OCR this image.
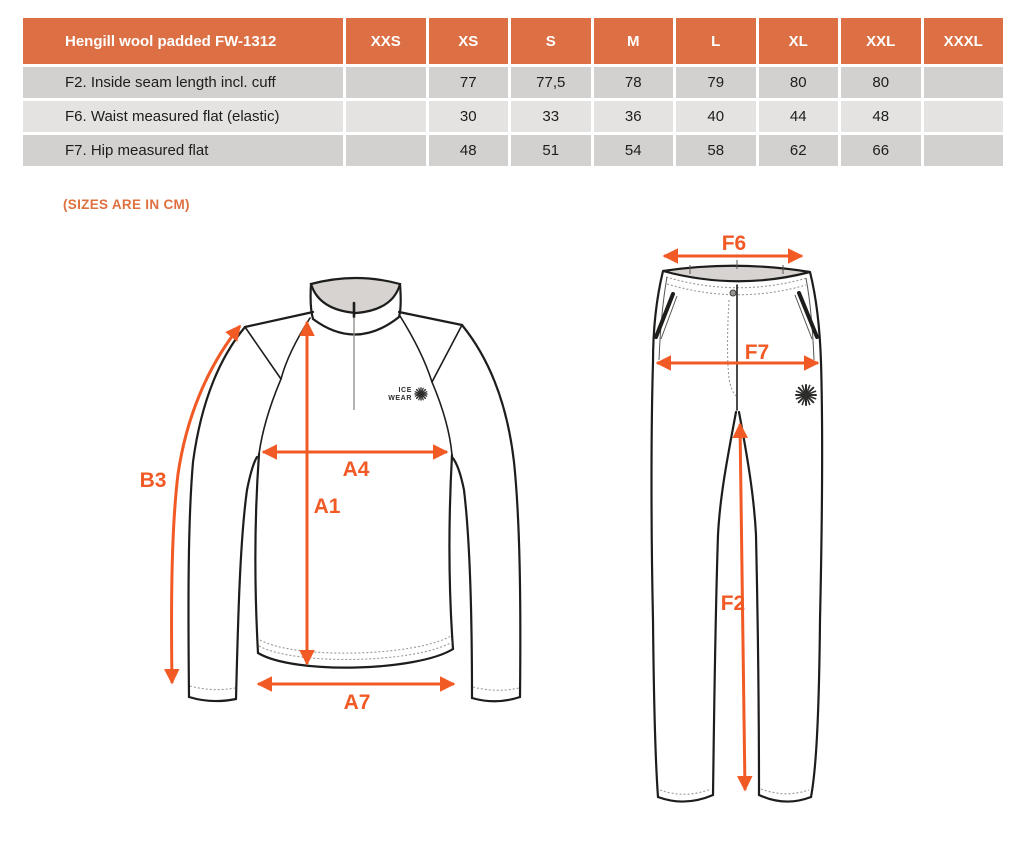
Hengill wool padded FW-1312	XXS	XS	S	M	L	XL	XXL	XXXL
F2. Inside seam length incl. cuff		77	77,5	78	79	80	80	
F6. Waist measured flat (elastic)		30	33	36	40	44	48	
F7. Hip measured flat		48	51	54	58	62	66	
(SIZES ARE IN CM)
ICE
WEAR
B3	A4
A1
A7
F6
F7
F2
